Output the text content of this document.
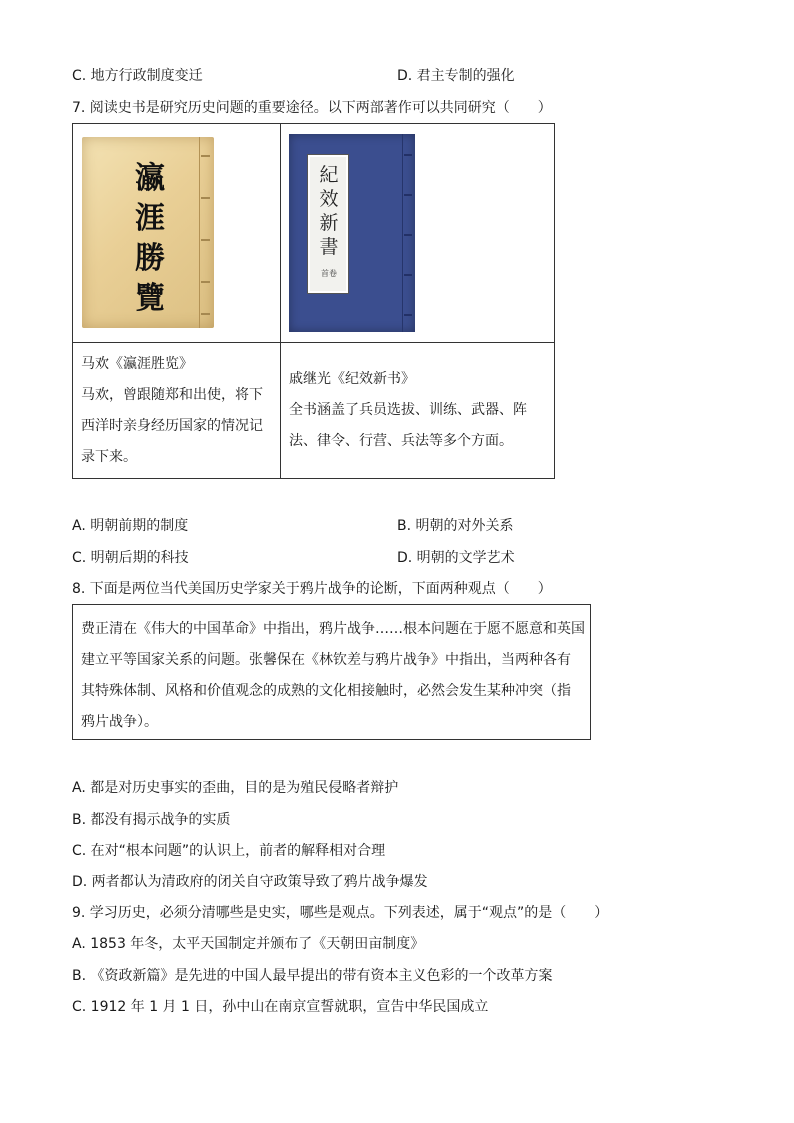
C. 地方行政制度变迁	D. 君主专制的强化
7. 阅读史书是研究历史问题的重要途径。以下两部著作可以共同研究（　　）
瀛涯勝覽
紀效新書
首卷
马欢《瀛涯胜览》
马欢，曾跟随郑和出使，将下
西洋时亲身经历国家的情况记
录下来。
戚继光《纪效新书》
全书涵盖了兵员选拔、训练、武器、阵
法、律令、行营、兵法等多个方面。
A. 明朝前期的制度	B. 明朝的对外关系
C. 明朝后期的科技	D. 明朝的文学艺术
8. 下面是两位当代美国历史学家关于鸦片战争的论断，下面两种观点（　　）
费正清在《伟大的中国革命》中指出，鸦片战争……根本问题在于愿不愿意和英国
建立平等国家关系的问题。张馨保在《林钦差与鸦片战争》中指出，当两种各有
其特殊体制、风格和价值观念的成熟的文化相接触时，必然会发生某种冲突（指
鸦片战争）。
A. 都是对历史事实的歪曲，目的是为殖民侵略者辩护
B. 都没有揭示战争的实质
C. 在对“根本问题”的认识上，前者的解释相对合理
D. 两者都认为清政府的闭关自守政策导致了鸦片战争爆发
9. 学习历史，必须分清哪些是史实，哪些是观点。下列表述，属于“观点”的是（　　）
A. 1853 年冬，太平天国制定并颁布了《天朝田亩制度》
B. 《资政新篇》是先进的中国人最早提出的带有资本主义色彩的一个改革方案
C. 1912 年 1 月 1 日，孙中山在南京宣誓就职，宣告中华民国成立
